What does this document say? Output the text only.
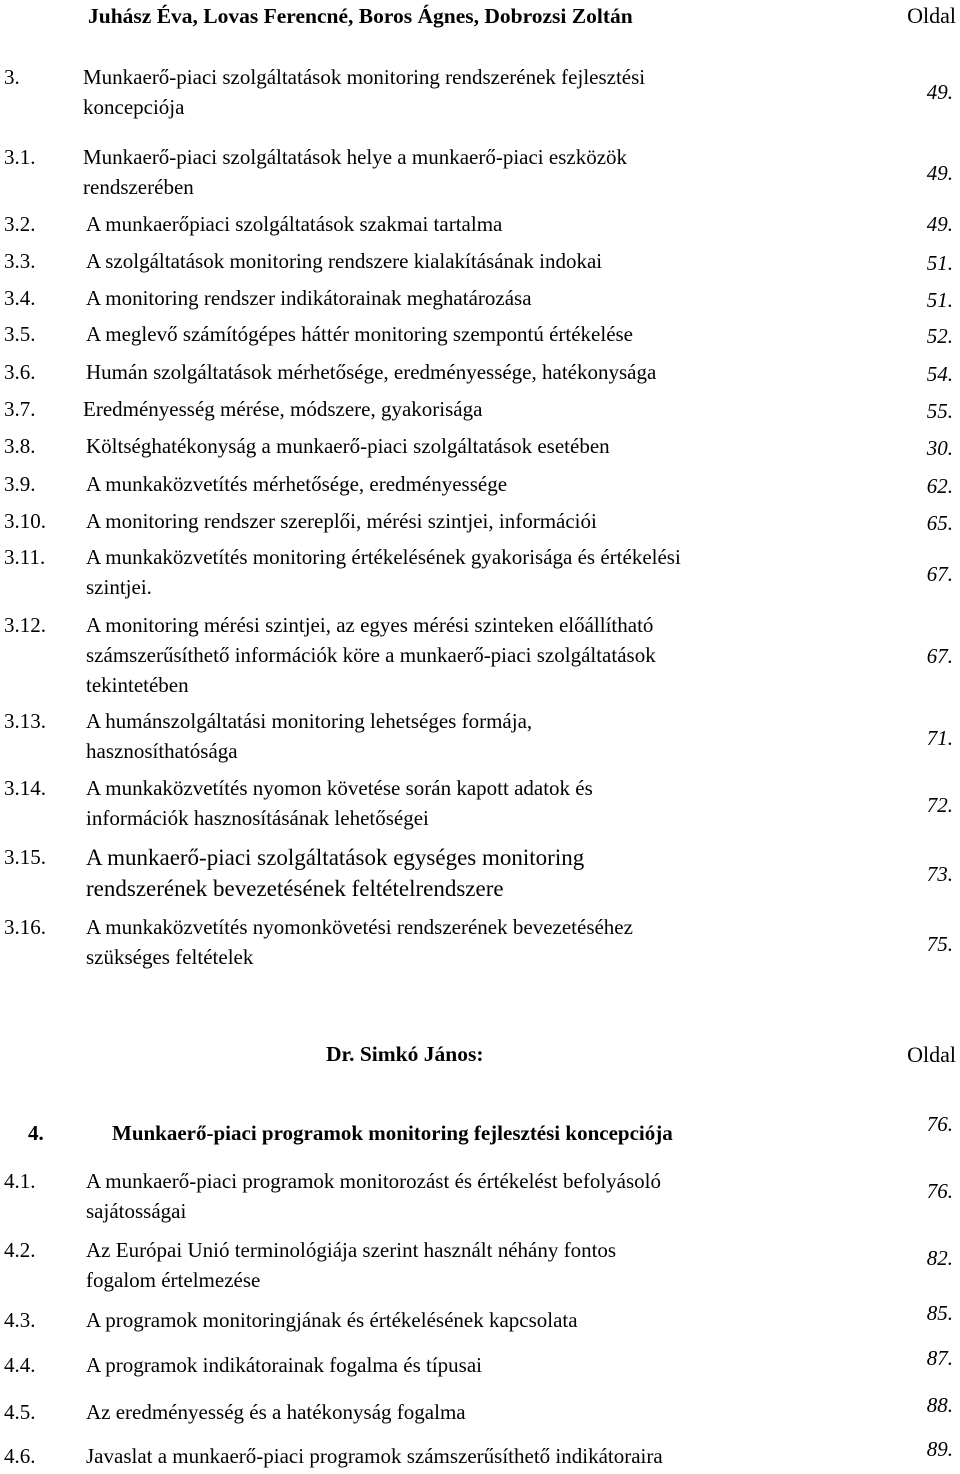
Juhász Éva, Lovas Ferencné, Boros Ágnes, Dobrozsi Zoltán	Oldal
3.	Munkaerő-piaci szolgáltatások monitoring rendszerének fejlesztési
koncepciója
49.
3.1. Munkaerő-piaci szolgáltatások helye a munkaerő-piaci eszközök
rendszerében
49.
3.2. A munkaerőpiaci szolgáltatások szakmai tartalma	49.
3.3. A szolgáltatások monitoring rendszere kialakításának indokai	51.
3.4. A monitoring rendszer indikátorainak meghatározása	51.
3.5. A meglevő számítógépes háttér monitoring szempontú értékelése	52.
3.6. Humán szolgáltatások mérhetősége, eredményessége, hatékonysága	54.
3.7. Eredményesség mérése, módszere, gyakorisága	55.
3.8. Költséghatékonyság a munkaerő-piaci szolgáltatások esetében	30.
3.9. A munkaközvetítés mérhetősége, eredményessége	62.
3.10. A monitoring rendszer szereplői, mérési szintjei, információi	65.
3.11. A munkaközvetítés monitoring értékelésének gyakorisága és értékelési
szintjei.
67.
3.12. A monitoring mérési szintjei, az egyes mérési szinteken előállítható
számszerűsíthető információk köre a munkaerő-piaci szolgáltatások
tekintetében
67.
3.13. A humánszolgáltatási monitoring lehetséges formája,
hasznosíthatósága
71.
3.14. A munkaközvetítés nyomon követése során kapott adatok és
információk hasznosításának lehetőségei
72.
3.15. A munkaerő-piaci szolgáltatások egységes monitoring
rendszerének bevezetésének feltételrendszere
73.
3.16. A munkaközvetítés nyomonkövetési rendszerének bevezetéséhez
szükséges feltételek
75.
Dr. Simkó János:	Oldal
4.	Munkaerő-piaci programok monitoring fejlesztési koncepciója	76.
4.1. A munkaerő-piaci programok monitorozást és értékelést befolyásoló
sajátosságai
76.
4.2. Az Európai Unió terminológiája szerint használt néhány fontos
fogalom értelmezése
82.
4.3. A programok monitoringjának és értékelésének kapcsolata	85.
4.4. A programok indikátorainak fogalma és típusai	87.
4.5. Az eredményesség és a hatékonyság fogalma	88.
4.6. Javaslat a munkaerő-piaci programok számszerűsíthető indikátoraira	89.
